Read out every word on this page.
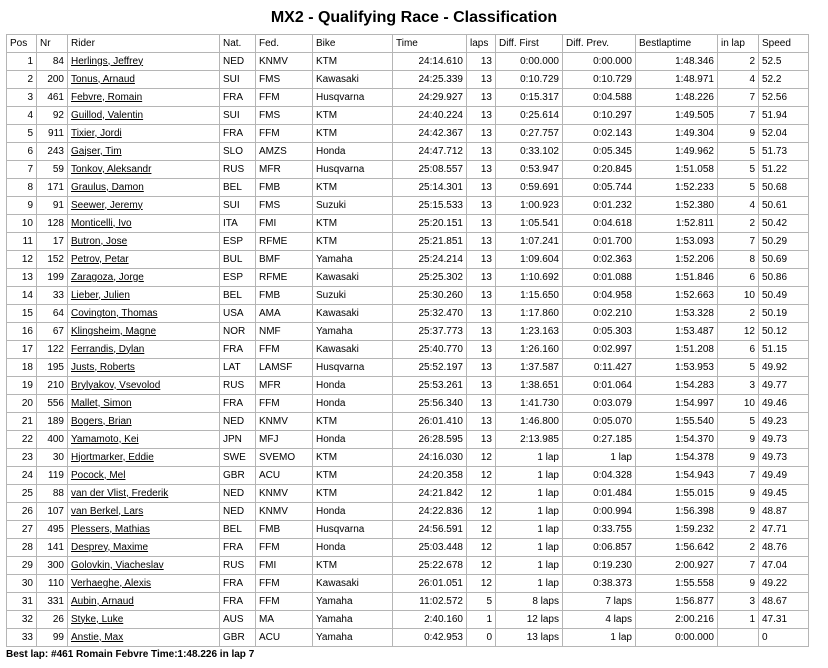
MX2 - Qualifying Race - Classification
Pos	Nr	Rider	Nat.	Fed.	Bike	Time	laps	Diff. First	Diff. Prev.	Bestlaptime	in lap	Speed
1	84	Herlings, Jeffrey	NED	KNMV	KTM	24:14.610	13	0:00.000	0:00.000	1:48.346	2	52.5
2	200	Tonus, Arnaud	SUI	FMS	Kawasaki	24:25.339	13	0:10.729	0:10.729	1:48.971	4	52.2
3	461	Febvre, Romain	FRA	FFM	Husqvarna	24:29.927	13	0:15.317	0:04.588	1:48.226	7	52.56
4	92	Guillod, Valentin	SUI	FMS	KTM	24:40.224	13	0:25.614	0:10.297	1:49.505	7	51.94
5	911	Tixier, Jordi	FRA	FFM	KTM	24:42.367	13	0:27.757	0:02.143	1:49.304	9	52.04
6	243	Gajser, Tim	SLO	AMZS	Honda	24:47.712	13	0:33.102	0:05.345	1:49.962	5	51.73
7	59	Tonkov, Aleksandr	RUS	MFR	Husqvarna	25:08.557	13	0:53.947	0:20.845	1:51.058	5	51.22
8	171	Graulus, Damon	BEL	FMB	KTM	25:14.301	13	0:59.691	0:05.744	1:52.233	5	50.68
9	91	Seewer, Jeremy	SUI	FMS	Suzuki	25:15.533	13	1:00.923	0:01.232	1:52.380	4	50.61
10	128	Monticelli, Ivo	ITA	FMI	KTM	25:20.151	13	1:05.541	0:04.618	1:52.811	2	50.42
11	17	Butron, Jose	ESP	RFME	KTM	25:21.851	13	1:07.241	0:01.700	1:53.093	7	50.29
12	152	Petrov, Petar	BUL	BMF	Yamaha	25:24.214	13	1:09.604	0:02.363	1:52.206	8	50.69
13	199	Zaragoza, Jorge	ESP	RFME	Kawasaki	25:25.302	13	1:10.692	0:01.088	1:51.846	6	50.86
14	33	Lieber, Julien	BEL	FMB	Suzuki	25:30.260	13	1:15.650	0:04.958	1:52.663	10	50.49
15	64	Covington, Thomas	USA	AMA	Kawasaki	25:32.470	13	1:17.860	0:02.210	1:53.328	2	50.19
16	67	Klingsheim, Magne	NOR	NMF	Yamaha	25:37.773	13	1:23.163	0:05.303	1:53.487	12	50.12
17	122	Ferrandis, Dylan	FRA	FFM	Kawasaki	25:40.770	13	1:26.160	0:02.997	1:51.208	6	51.15
18	195	Justs, Roberts	LAT	LAMSF	Husqvarna	25:52.197	13	1:37.587	0:11.427	1:53.953	5	49.92
19	210	Brylyakov, Vsevolod	RUS	MFR	Honda	25:53.261	13	1:38.651	0:01.064	1:54.283	3	49.77
20	556	Mallet, Simon	FRA	FFM	Honda	25:56.340	13	1:41.730	0:03.079	1:54.997	10	49.46
21	189	Bogers, Brian	NED	KNMV	KTM	26:01.410	13	1:46.800	0:05.070	1:55.540	5	49.23
22	400	Yamamoto, Kei	JPN	MFJ	Honda	26:28.595	13	2:13.985	0:27.185	1:54.370	9	49.73
23	30	Hjortmarker, Eddie	SWE	SVEMO	KTM	24:16.030	12	1 lap	1 lap	1:54.378	9	49.73
24	119	Pocock, Mel	GBR	ACU	KTM	24:20.358	12	1 lap	0:04.328	1:54.943	7	49.49
25	88	van der Vlist, Frederik	NED	KNMV	KTM	24:21.842	12	1 lap	0:01.484	1:55.015	9	49.45
26	107	van Berkel, Lars	NED	KNMV	Honda	24:22.836	12	1 lap	0:00.994	1:56.398	9	48.87
27	495	Plessers, Mathias	BEL	FMB	Husqvarna	24:56.591	12	1 lap	0:33.755	1:59.232	2	47.71
28	141	Desprey, Maxime	FRA	FFM	Honda	25:03.448	12	1 lap	0:06.857	1:56.642	2	48.76
29	300	Golovkin, Viacheslav	RUS	FMI	KTM	25:22.678	12	1 lap	0:19.230	2:00.927	7	47.04
30	110	Verhaeghe, Alexis	FRA	FFM	Kawasaki	26:01.051	12	1 lap	0:38.373	1:55.558	9	49.22
31	331	Aubin, Arnaud	FRA	FFM	Yamaha	11:02.572	5	8 laps	7 laps	1:56.877	3	48.67
32	26	Styke, Luke	AUS	MA	Yamaha	2:40.160	1	12 laps	4 laps	2:00.216	1	47.31
33	99	Anstie, Max	GBR	ACU	Yamaha	0:42.953	0	13 laps	1 lap	0:00.000		0
Best lap: #461 Romain Febvre Time:1:48.226 in lap 7
